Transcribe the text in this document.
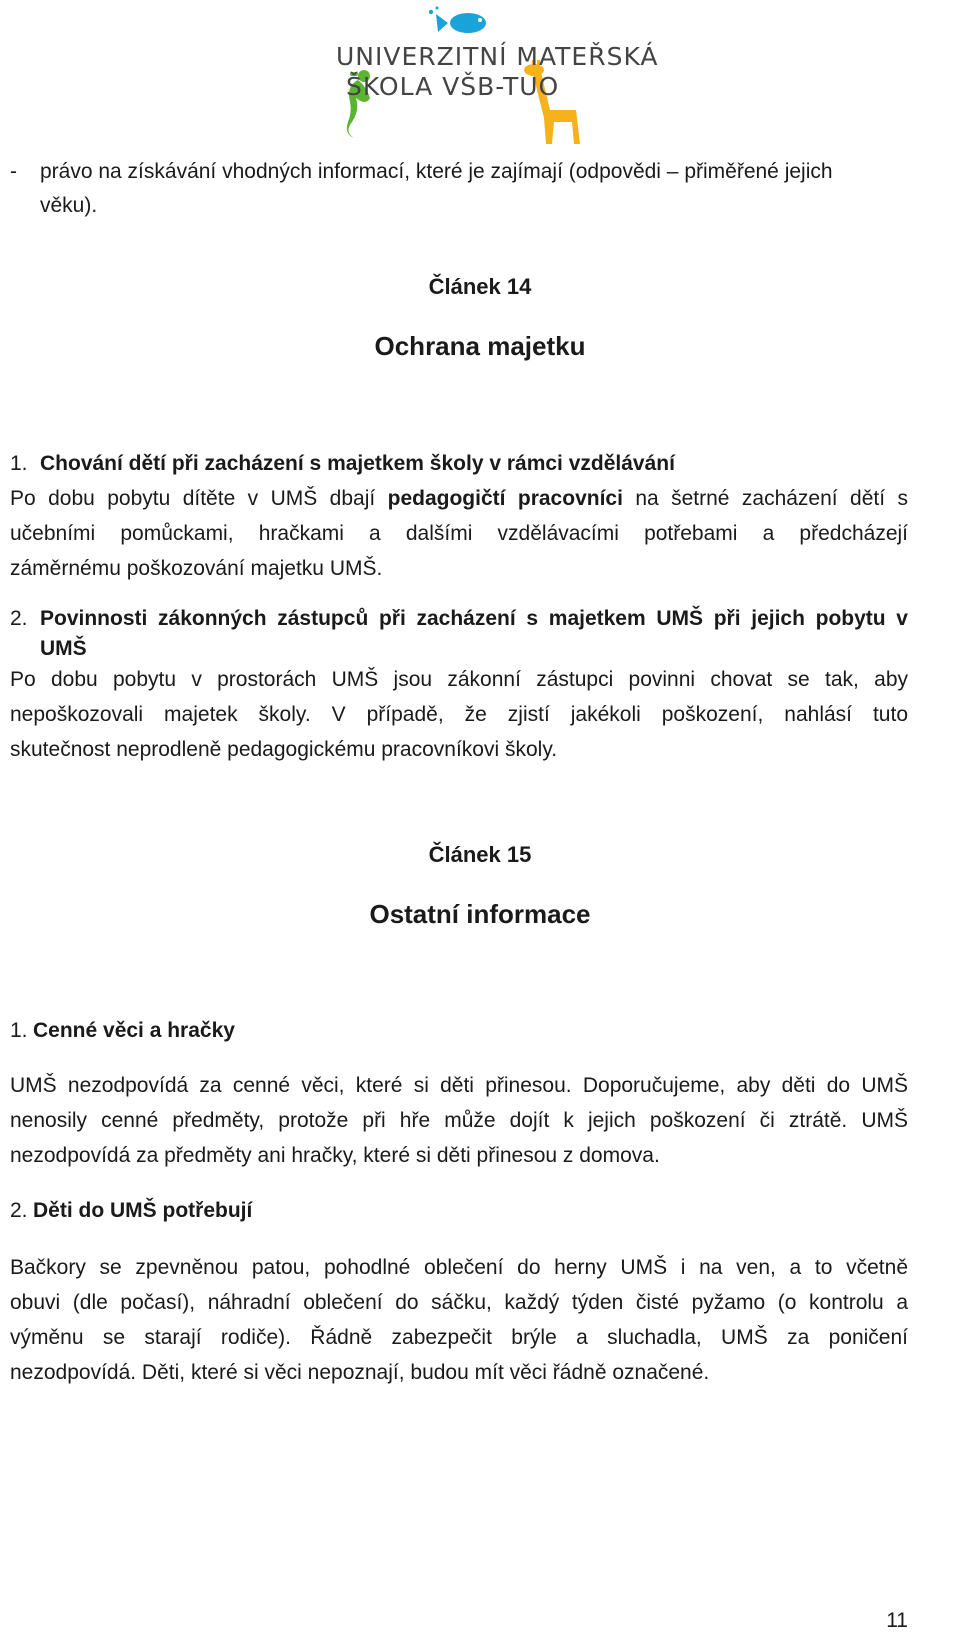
UNIVERZITNÍ MATEŘSKÁ
ŠKOLA VŠB-TUO
- právo na získávání vhodných informací, které je zajímají (odpovědi – přiměřené jejich
věku).
Článek 14
Ochrana majetku
1. Chování dětí při zacházení s majetkem školy v rámci vzdělávání
Po dobu pobytu dítěte v UMŠ dbají pedagogičtí pracovníci na šetrné zacházení dětí s
učebními pomůckami, hračkami a dalšími vzdělávacími potřebami a předcházejí
záměrnému poškozování majetku UMŠ.
2. Povinnosti zákonných zástupců při zacházení s majetkem UMŠ při jejich pobytu v
UMŠ
Po dobu pobytu v prostorách UMŠ jsou zákonní zástupci povinni chovat se tak, aby
nepoškozovali majetek školy. V případě, že zjistí jakékoli poškození, nahlásí tuto
skutečnost neprodleně pedagogickému pracovníkovi školy.
Článek 15
Ostatní informace
1. Cenné věci a hračky
UMŠ nezodpovídá za cenné věci, které si děti přinesou. Doporučujeme, aby děti do UMŠ
nenosily cenné předměty, protože při hře může dojít k jejich poškození či ztrátě. UMŠ
nezodpovídá za předměty ani hračky, které si děti přinesou z domova.
2. Děti do UMŠ potřebují
Bačkory se zpevněnou patou, pohodlné oblečení do herny UMŠ i na ven, a to včetně
obuvi (dle počasí), náhradní oblečení do sáčku, každý týden čisté pyžamo (o kontrolu a
výměnu se starají rodiče). Řádně zabezpečit brýle a sluchadla, UMŠ za poničení
nezodpovídá. Děti, které si věci nepoznají, budou mít věci řádně označené.
11
